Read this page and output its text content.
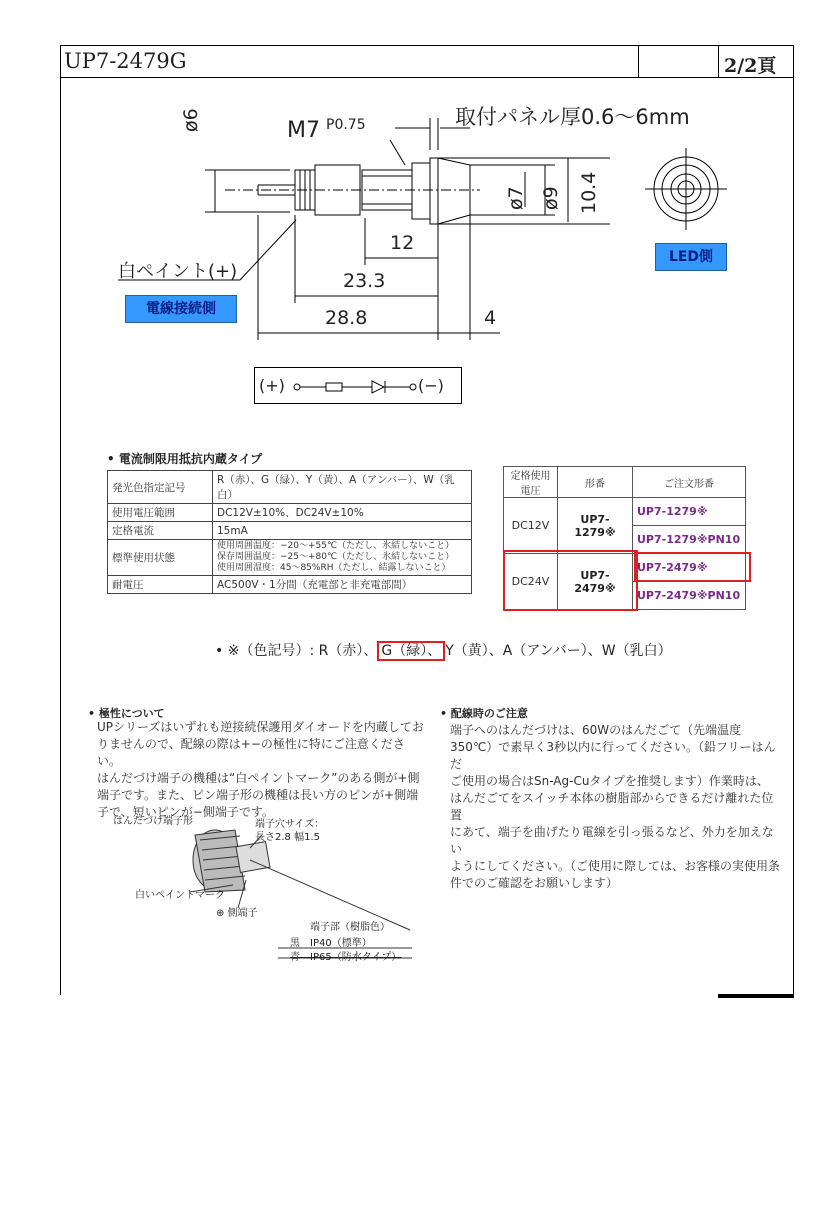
UP7-2479G	2/2頁
M7 P0.75	取付パネル厚0.6～6mm
ø6
ø7 ø9 10.4
12
23.3
28.8	4
白ペイント(+)
電線接続側
LED側
(+)	(−)
• 電流制限用抵抗内蔵タイプ
発光色指定記号	R（赤）、G（緑）、Y（黄）、A（アンバー）、W（乳白）
使用電圧範囲	DC12V±10%、DC24V±10%
定格電流	15mA
標準使用状態	使用周囲温度：−20～+55℃（ただし、氷結しないこと）
保存周囲温度：−25～+80℃（ただし、氷結しないこと）
使用周囲湿度：45～85%RH（ただし、結露しないこと）

耐電圧	AC500V・1分間（充電部と非充電部間）
定格使用電圧	形番	ご注文形番
DC12V	UP7-1279※	UP7-1279※
		UP7-1279※PN10
DC24V	UP7-2479※	UP7-2479※
		UP7-2479※PN10
• ※（色記号）: R（赤）、 G（緑）、 Y（黄）、A（アンバー）、W（乳白）
• 極性について
UPシリーズはいずれも逆接続保護用ダイオードを内蔵してお
りませんので、配線の際は+−の極性に特にご注意ください。
はんだづけ端子の機種は“白ペイントマーク”のある側が+側
端子です。また、ピン端子形の機種は長い方のピンが+側端
子で、短いピンが−側端子です。
• 配線時のご注意
端子へのはんだづけは、60Wのはんだごて（先端温度
350℃）で素早く3秒以内に行ってください。（鉛フリーはんだ
ご使用の場合はSn-Ag-Cuタイプを推奨します）作業時は、
はんだごてをスイッチ本体の樹脂部からできるだけ離れた位置
にあて、端子を曲げたり電線を引っ張るなど、外力を加えない
ようにしてください。（ご使用に際しては、お客様の実使用条
件でのご確認をお願いします）
はんだづけ端子形	端子穴サイズ：
長さ2.8 幅1.5
白いペイントマーク
⊕ 側端子
端子部（樹脂色）
黒　IP40（標準）
青　IP65（防水タイプ）
